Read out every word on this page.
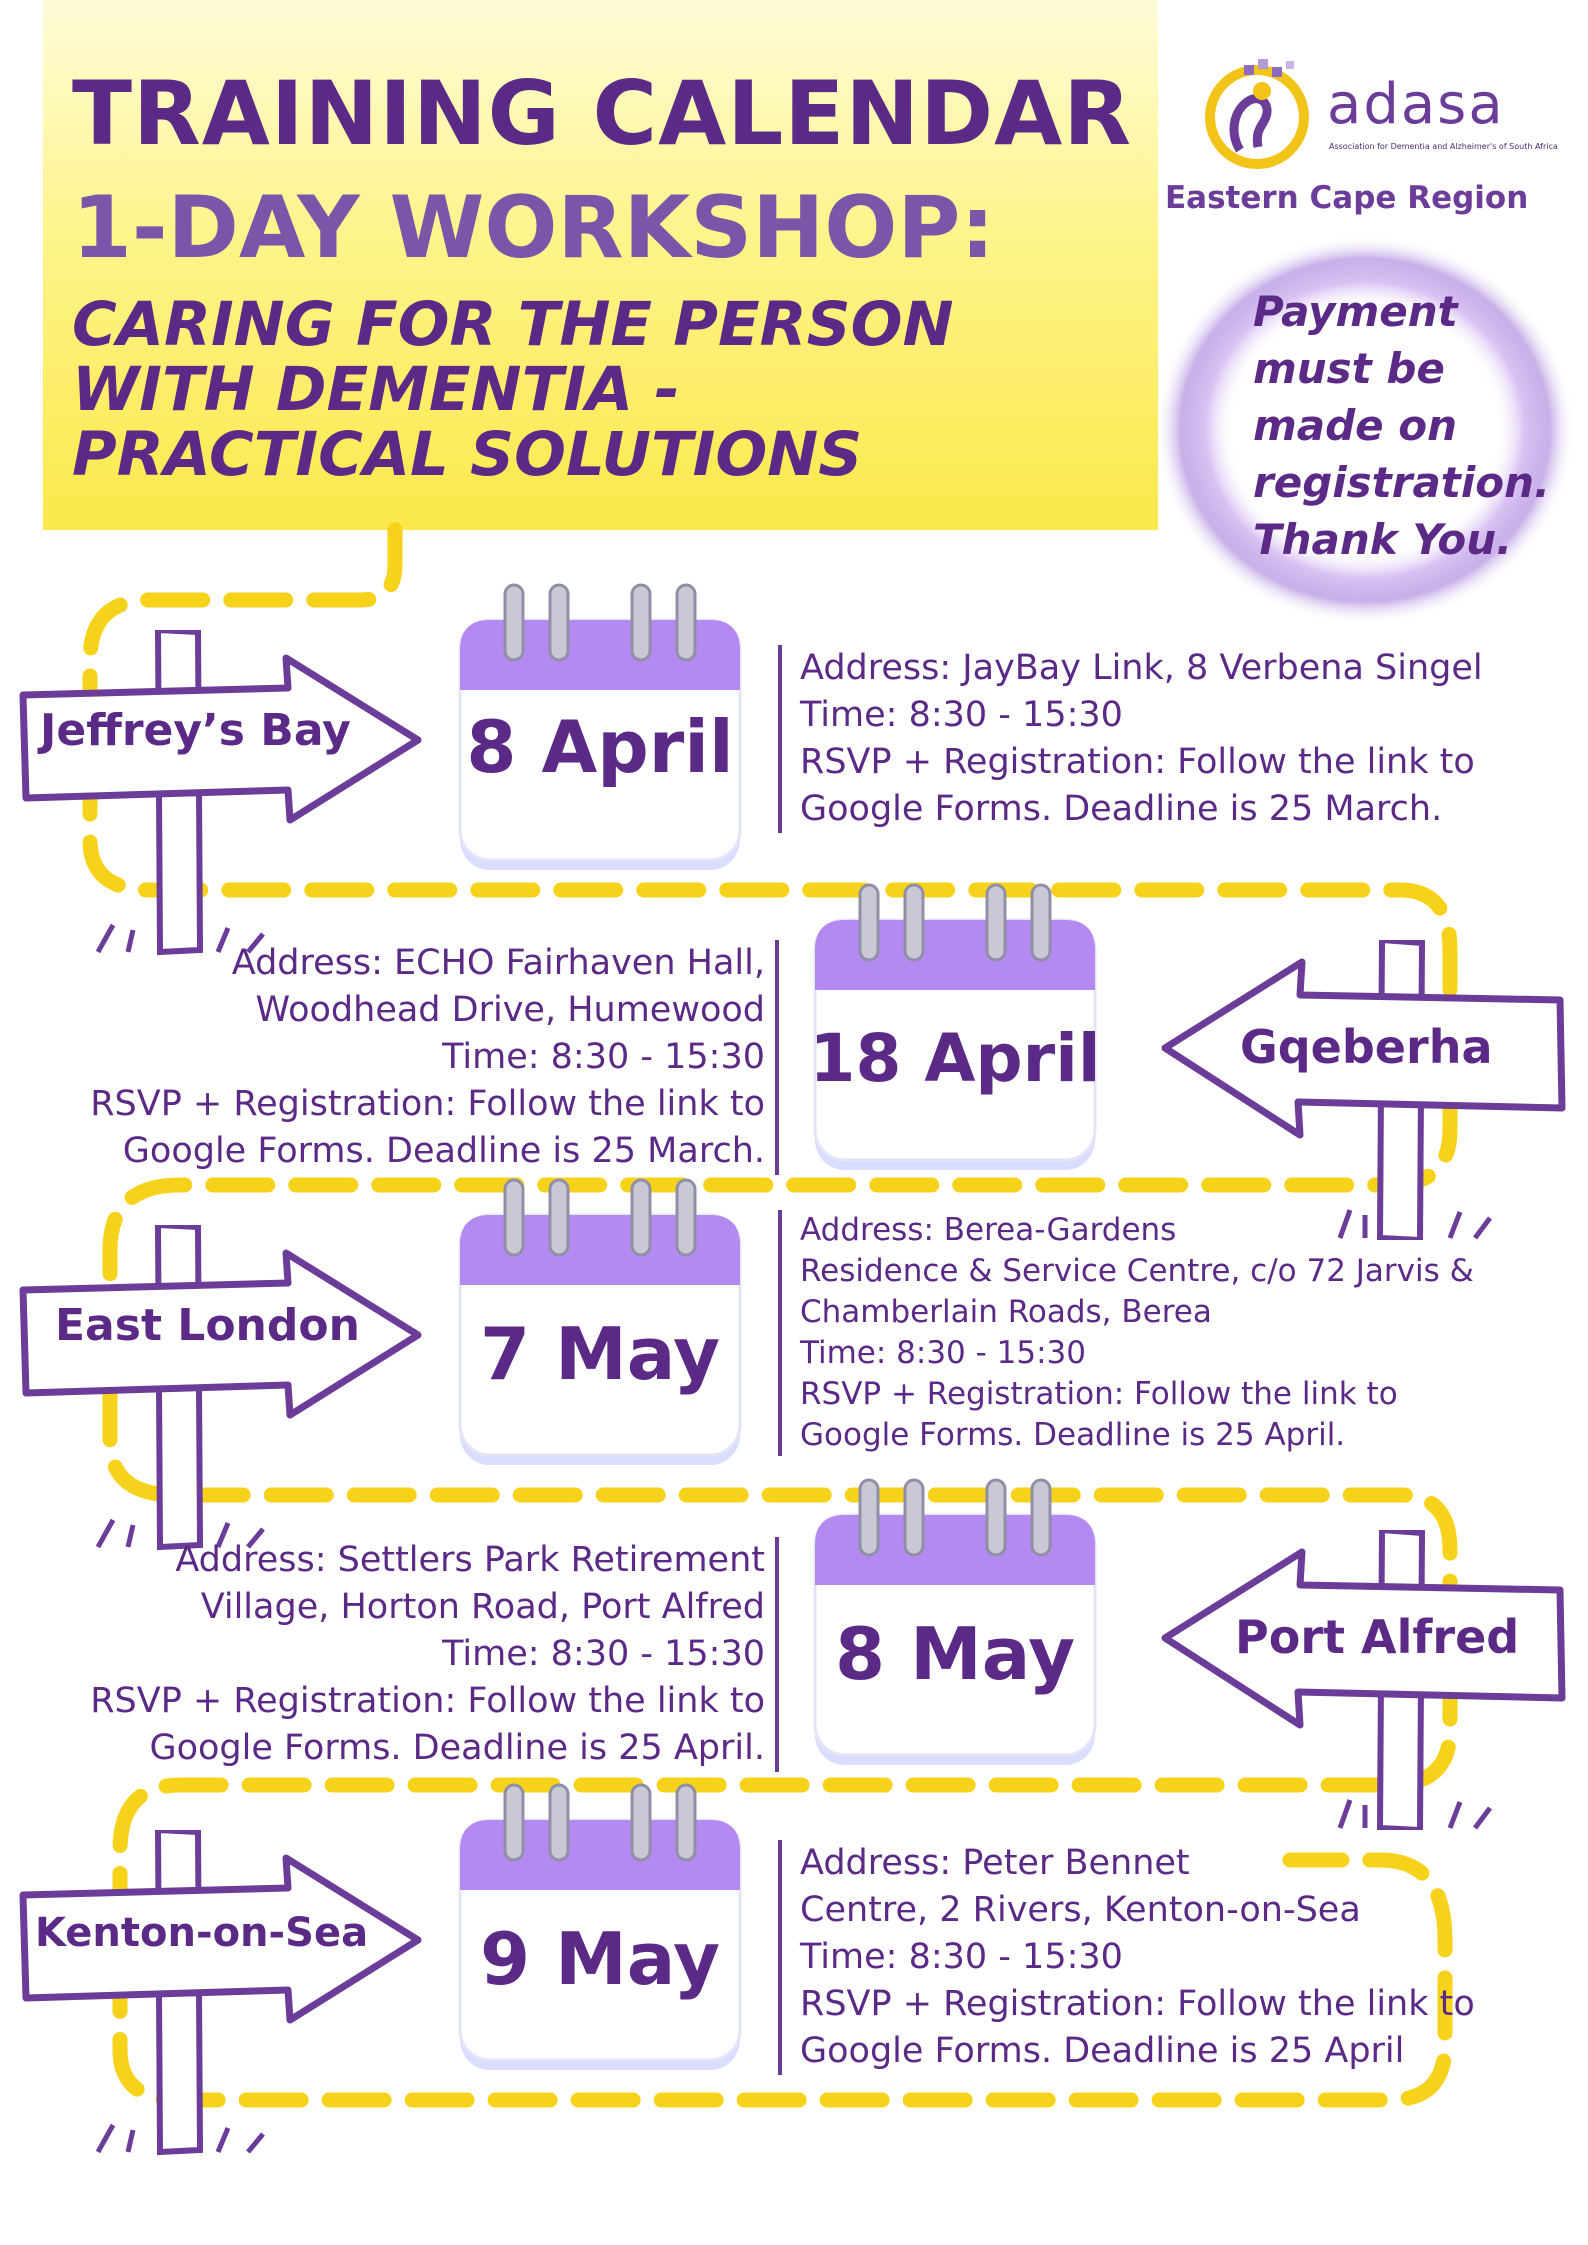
TRAINING CALENDAR
1-DAY WORKSHOP:
CARING FOR THE PERSON
WITH DEMENTIA -
PRACTICAL SOLUTIONS
adasa
Association for Dementia and Alzheimer's of South Africa
Eastern Cape Region
Payment
must be
made on
registration.
Thank You.
Jeffrey’s Bay 8 April
Address: JayBay Link, 8 Verbena Singel
Time: 8:30 - 15:30
RSVP + Registration: Follow the link to
Google Forms. Deadline is 25 March.
Address: ECHO Fairhaven Hall,
Woodhead Drive, Humewood
Time: 8:30 - 15:30
RSVP + Registration: Follow the link to
Google Forms. Deadline is 25 March.
18 April	Gqeberha
East London	7 May
Address: Berea-Gardens
Residence & Service Centre, c/o 72 Jarvis &
Chamberlain Roads, Berea
Time: 8:30 - 15:30
RSVP + Registration: Follow the link to
Google Forms. Deadline is 25 April.
Address: Settlers Park Retirement
Village, Horton Road, Port Alfred
Time: 8:30 - 15:30
RSVP + Registration: Follow the link to
Google Forms. Deadline is 25 April.
8 May	Port Alfred
Kenton-on-Sea	9 May
Address: Peter Bennet
Centre, 2 Rivers, Kenton-on-Sea
Time: 8:30 - 15:30
RSVP + Registration: Follow the link to
Google Forms. Deadline is 25 April
